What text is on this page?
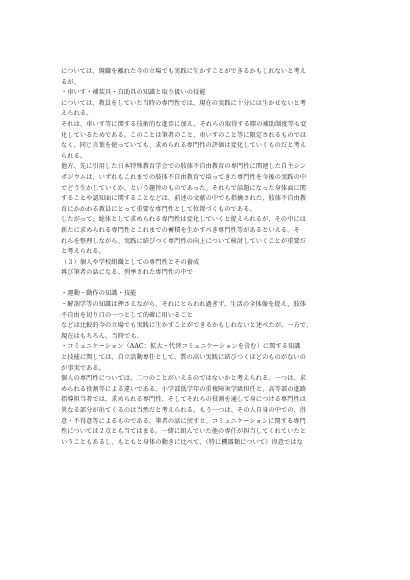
については、現職を離れた今の立場でも実践に生かすことができるかもしれないと考え
るが、
・車いす・補装具・自助具の知識と取り扱いの技能
については、教員をしていた当時の専門性では、現在の実践に十分には生かせないと考
えられる。
それは、車いす等に関する技術的な進歩に加え、それらの取得する際の補助制度等も変
化しているためである。このことは筆者のこと、車いすのこと等に限定されるものでは
なく、同じ言葉を使っていても、求められる専門性の評価は変化していくものだと考え
られる。
他方、先に引用した日本特殊教育学会での肢体不自由教育の専門性に関連した自主シン
ポジウムは、いずれもこれまでの肢体不自由教育で培ってきた専門性を今後の実践の中
でどう生かしていくか、という趣旨のものであった。それらで話題になった身体面に関
することや認知面に関することなどは、前述の文献の中でも指摘された、肢体不自由教
育にかかわる教員にとって重要な専門性として位置づくものである。
したがって、総体として求められる専門性は変化していくと捉えられるが、その中には
新たに求められる専門性とこれまでの蓄積を生かすべき専門性等があるといえる。そ
れらを整理しながら、実践に結びつく専門性の向上について検討していくことが重要だ
と考えられる。
（３）個人や学校組織としての専門性とその養成
再び筆者の話になる。列挙された専門性の中で
・運動・動作の知識・技能
・解剖学等の知識は押さえながら、それにとらわれ過ぎず、生活の全体像を捉え、肢体
不自由を切り口の一つとして的確に用いること
などは比較的今の立場でも実践に生かすことができるかもしれないと述べたが、一方で、
現在はもちろん、当時でも、
・コミュニケーション（AAC：拡大・代替コミュニケーションを含む）に関する知識
と技能に関しては、自立活動専任として、質の高い実践に結びつくほどのものがないの
が事実である。
個人の専門性については、二つのことがいえるのではないかと考えられる。一つは、求
められる役割等による違いである。小学部低学年の重複障害学級担任と、高等部の進路
指導担当者では、求められる専門性、そしてそれらの役割を通して身につける専門性は
異なる部分が出てくるのは当然だと考えられる。もう一つは、その人自身の中での、得
意・不得意等によるものである。筆者の話に戻すと、コミュニケーションに関する専門
性については２点とも当てはまる。一緒に組んでいた他の専任が担当してくれていたと
いうこともあるし、もともと身体の動きに比べて、（特に機器類について）得意ではな
